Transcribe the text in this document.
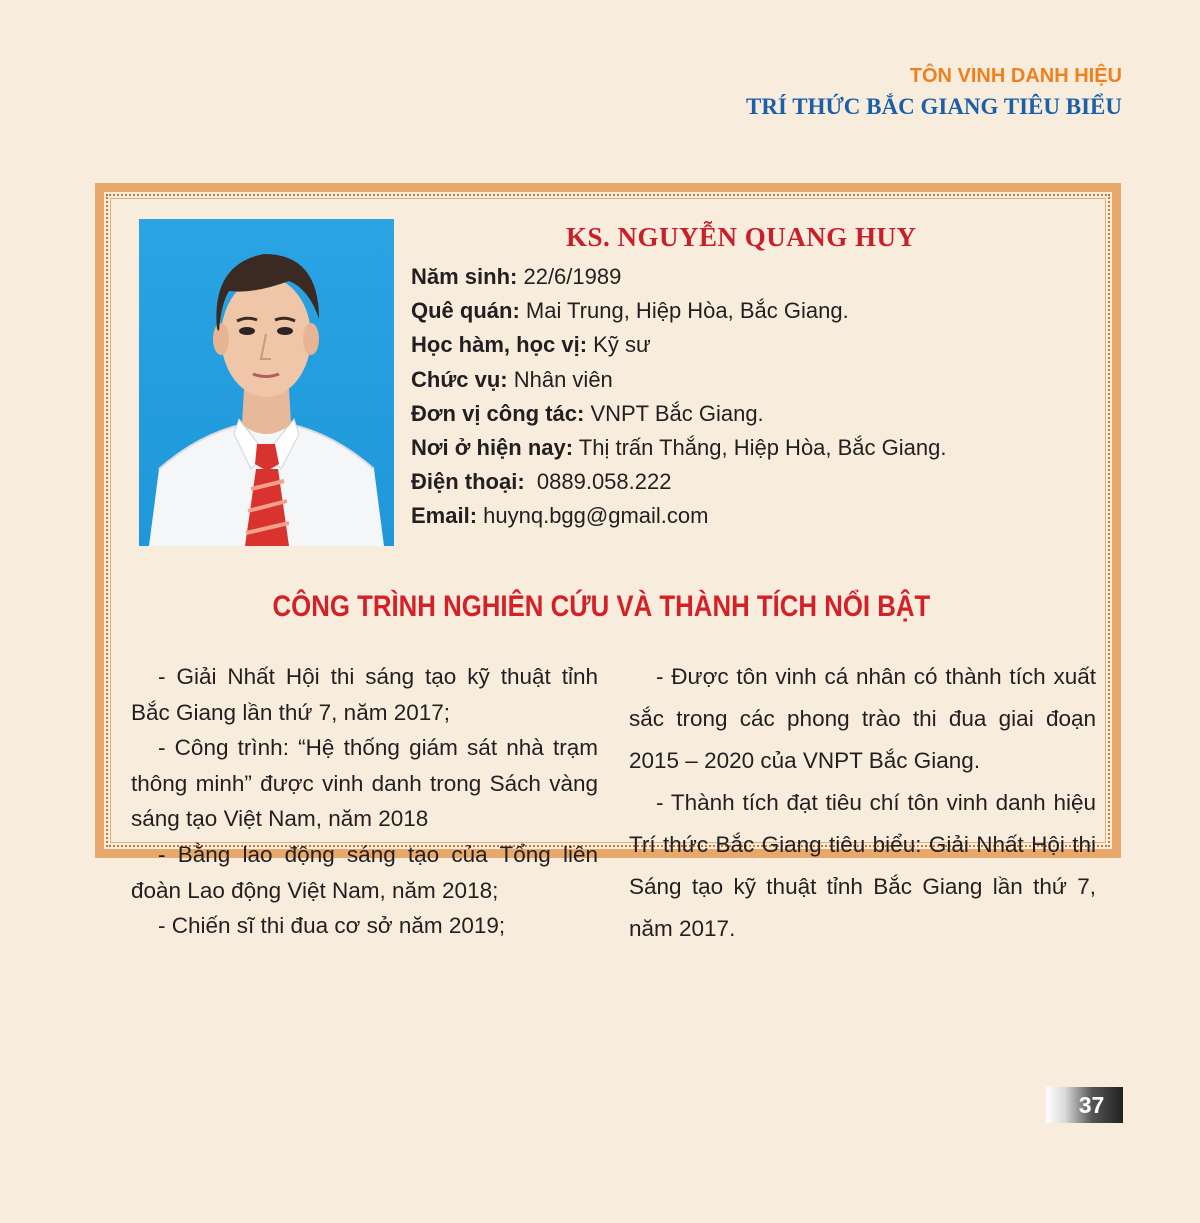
TÔN VINH DANH HIỆU
TRÍ THỨC BẮC GIANG TIÊU BIỂU
KS. NGUYỄN QUANG HUY
Năm sinh: 22/6/1989
Quê quán: Mai Trung, Hiệp Hòa, Bắc Giang.
Học hàm, học vị: Kỹ sư
Chức vụ: Nhân viên
Đơn vị công tác: VNPT Bắc Giang.
Nơi ở hiện nay: Thị trấn Thắng, Hiệp Hòa, Bắc Giang.
Điện thoại:  0889.058.222
Email: huynq.bgg@gmail.com
CÔNG TRÌNH NGHIÊN CỨU VÀ THÀNH TÍCH NỔI BẬT

- Giải Nhất Hội thi sáng tạo kỹ thuật tỉnh Bắc Giang lần thứ 7, năm 2017;

- Công trình: “Hệ thống giám sát nhà trạm thông minh” được vinh danh trong Sách vàng sáng tạo Việt Nam, năm 2018

- Bằng lao động sáng tạo của Tổng liên đoàn Lao động Việt Nam, năm 2018;

- Chiến sĩ thi đua cơ sở năm 2019;

- Được tôn vinh cá nhân có thành tích xuất sắc trong các phong trào thi đua giai đoạn 2015 – 2020 của VNPT Bắc Giang.

- Thành tích đạt tiêu chí tôn vinh danh hiệu Trí thức Bắc Giang tiêu biểu: Giải Nhất Hội thi Sáng tạo kỹ thuật tỉnh Bắc Giang lần thứ 7, năm 2017.

37
